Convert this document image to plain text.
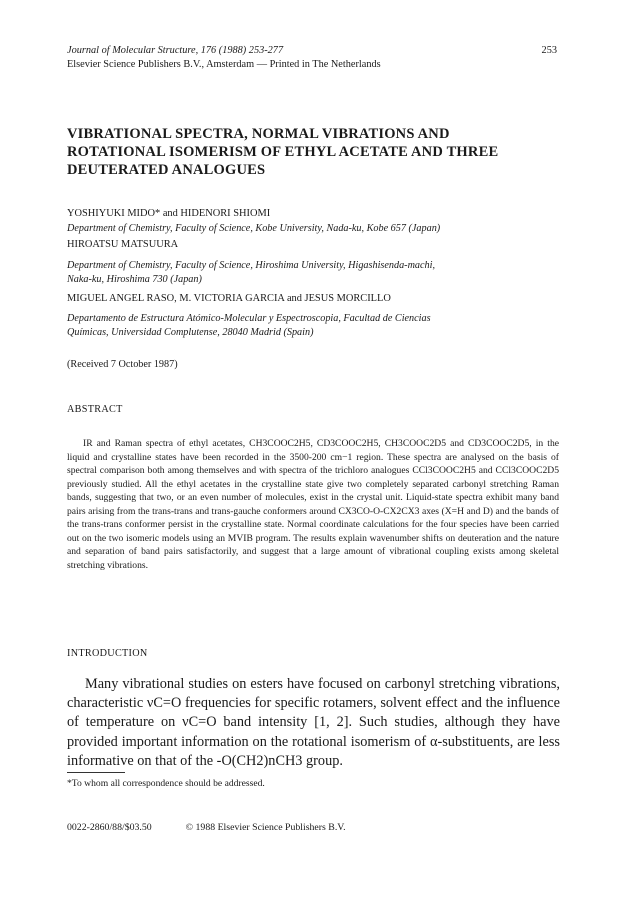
Journal of Molecular Structure, 176 (1988) 253-277	253
Elsevier Science Publishers B.V., Amsterdam — Printed in The Netherlands
VIBRATIONAL SPECTRA, NORMAL VIBRATIONS AND
ROTATIONAL ISOMERISM OF ETHYL ACETATE AND THREE
DEUTERATED ANALOGUES
YOSHIYUKI MIDO* and HIDENORI SHIOMI
Department of Chemistry, Faculty of Science, Kobe University, Nada-ku, Kobe 657 (Japan)
HIROATSU MATSUURA
Department of Chemistry, Faculty of Science, Hiroshima University, Higashisenda-machi,
Naka-ku, Hiroshima 730 (Japan)
MIGUEL ANGEL RASO, M. VICTORIA GARCIA and JESUS MORCILLO
Departamento de Estructura Atómico-Molecular y Espectroscopia, Facultad de Ciencias
Químicas, Universidad Complutense, 28040 Madrid (Spain)
(Received 7 October 1987)
ABSTRACT
IR and Raman spectra of ethyl acetates, CH3COOC2H5, CD3COOC2H5, CH3COOC2D5 and CD3COOC2D5, in the liquid and crystalline states have been recorded in the 3500-200 cm−1 region. These spectra are analysed on the basis of spectral comparison both among themselves and with spectra of the trichloro analogues CCl3COOC2H5 and CCl3COOC2D5 previously studied. All the ethyl acetates in the crystalline state give two completely separated carbonyl stretching Raman bands, suggesting that two, or an even number of molecules, exist in the crystal unit. Liquid-state spectra exhibit many band pairs arising from the trans-trans and trans-gauche conformers around CX3CO-O-CX2CX3 axes (X=H and D) and the bands of the trans-trans conformer persist in the crystalline state. Normal coordinate calculations for the four species have been carried out on the two isomeric models using an MVIB program. The results explain wavenumber shifts on deuteration and the nature and separation of band pairs satisfactorily, and suggest that a large amount of vibrational coupling exists among skeletal stretching vibrations.
INTRODUCTION
Many vibrational studies on esters have focused on carbonyl stretching vibrations, characteristic νC=O frequencies for specific rotamers, solvent effect and the influence of temperature on νC=O band intensity [1, 2]. Such studies, although they have provided important information on the rotational isomerism of α-substituents, are less informative on that of the -O(CH2)nCH3 group.
*To whom all correspondence should be addressed.
0022-2860/88/$03.50	© 1988 Elsevier Science Publishers B.V.
